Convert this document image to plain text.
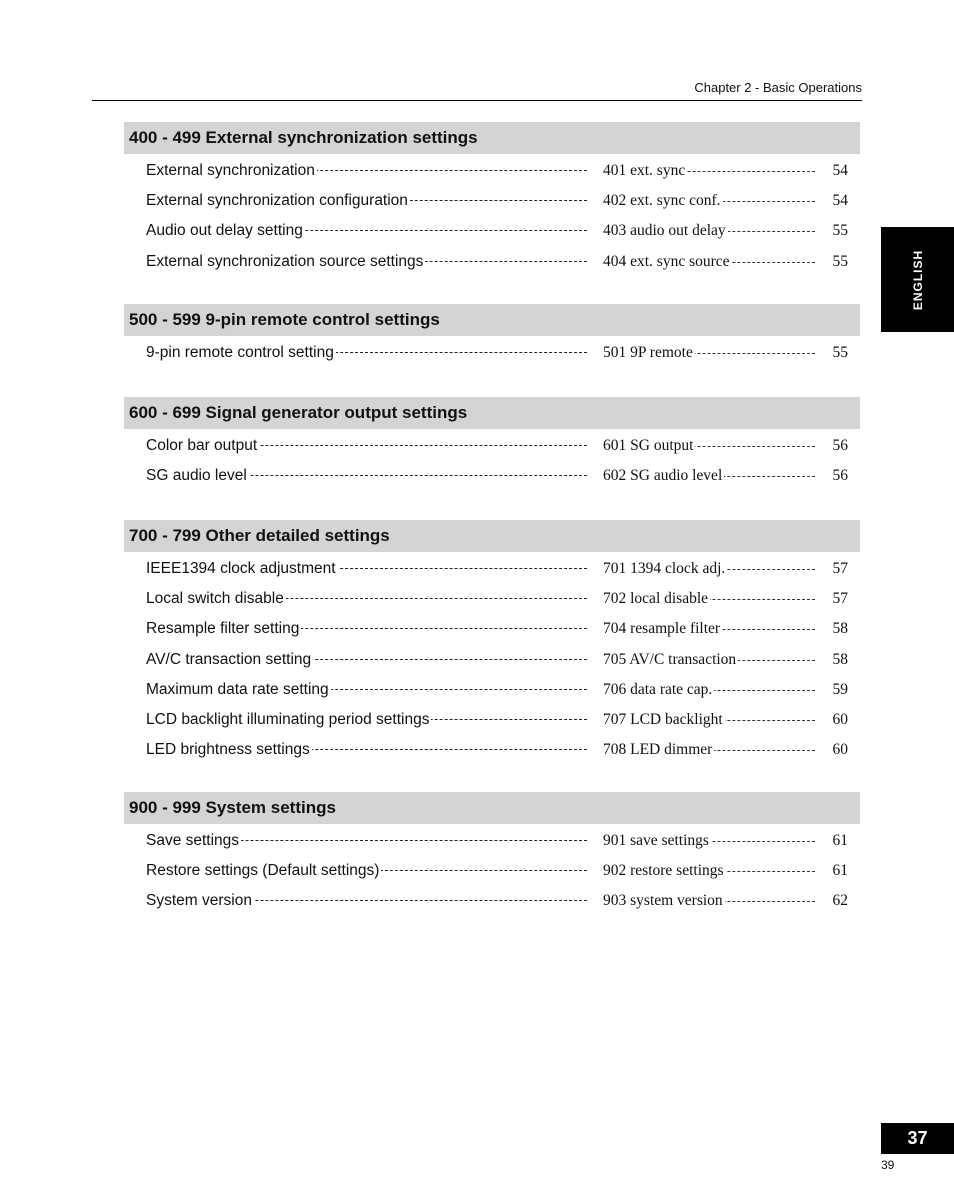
Chapter 2 - Basic Operations
ENGLISH
400 - 499 External synchronization settings
External synchronization	401 ext. sync	54
External synchronization configuration	402 ext. sync conf.	54
Audio out delay setting	403 audio out delay	55
External synchronization source settings	404 ext. sync source	55
500 - 599 9-pin remote control settings
9-pin remote control setting	501 9P remote	55
600 - 699 Signal generator output settings
Color bar output	601 SG output	56
SG audio level	602 SG audio level	56
700 - 799 Other detailed settings
IEEE1394 clock adjustment	701 1394 clock adj.	57
Local switch disable	702 local disable	57
Resample filter setting	704 resample filter	58
AV/C transaction setting	705 AV/C transaction	58
Maximum data rate setting	706 data rate cap.	59
LCD backlight illuminating period settings	707 LCD backlight	60
LED brightness settings	708 LED dimmer	60
900 - 999 System settings
Save settings	901 save settings	61
Restore settings (Default settings)	902 restore settings	61
System version	903 system version	62
37
39
